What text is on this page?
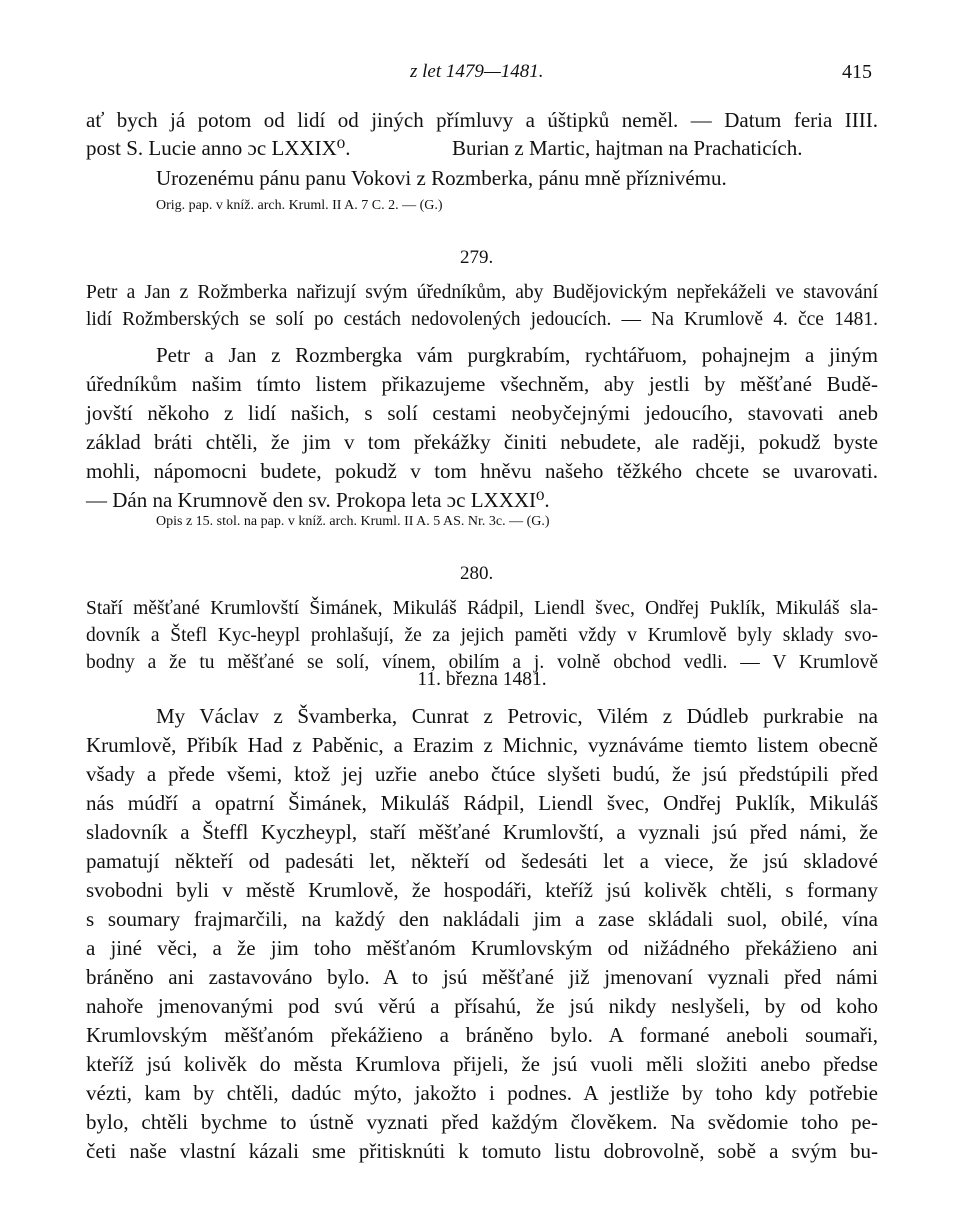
z let 1479—1481.	415
ať bych já potom od lidí od jiných přímluvy a úštipků neměl. — Datum feria IIII.
post S. Lucie anno ɔc LXXIX⁰.	Burian z Martic, hajtman na Prachaticích.
Urozenému pánu panu Vokovi z Rozmberka, pánu mně příznivému.
Orig. pap. v kníž. arch. Kruml. II A. 7 C. 2. — (G.)
279.
Petr a Jan z Rožmberka nařizují svým úředníkům, aby Budějovickým nepřekáželi ve stavování
lidí Rožmberských se solí po cestách nedovolených jedoucích. — Na Krumlově 4. čce 1481.
Petr a Jan z Rozmbergka vám purgkrabím, rychtářuom, pohajnejm a jiným
úředníkům našim tímto listem přikazujeme všechněm, aby jestli by měšťané Budě-
jovští někoho z lidí našich, s solí cestami neobyčejnými jedoucího, stavovati aneb
základ bráti chtěli, že jim v tom překážky činiti nebudete, ale raději, pokudž byste
mohli, nápomocni budete, pokudž v tom hněvu našeho těžkého chcete se uvarovati.
— Dán na Krumnově den sv. Prokopa leta ɔc LXXXI⁰.
Opis z 15. stol. na pap. v kníž. arch. Kruml. II A. 5 AS. Nr. 3c. — (G.)
280.
Staří měšťané Krumlovští Šimánek, Mikuláš Rádpil, Liendl švec, Ondřej Puklík, Mikuláš sla-
dovník a Štefl Kyc-heypl prohlašují, že za jejich paměti vždy v Krumlově byly sklady svo-
bodny a že tu měšťané se solí, vínem, obilím a j. volně obchod vedli. — V Krumlově
11. března 1481.
My Václav z Švamberka, Cunrat z Petrovic, Vilém z Dúdleb purkrabie na
Krumlově, Přibík Had z Paběnic, a Erazim z Michnic, vyznáváme tiemto listem obecně
všady a přede všemi, ktož jej uzřie anebo čtúce slyšeti budú, že jsú předstúpili před
nás múdří a opatrní Šimánek, Mikuláš Rádpil, Liendl švec, Ondřej Puklík, Mikuláš
sladovník a Šteffl Kyczheypl, staří měšťané Krumlovští, a vyznali jsú před námi, že
pamatují někteří od padesáti let, někteří od šedesáti let a viece, že jsú skladové
svobodni byli v městě Krumlově, že hospodáři, kteříž jsú kolivěk chtěli, s formany
s soumary frajmarčili, na každý den nakládali jim a zase skládali suol, obilé, vína
a jiné věci, a že jim toho měšťanóm Krumlovským od nižádného překážieno ani
bráněno ani zastavováno bylo. A to jsú měšťané již jmenovaní vyznali před námi
nahoře jmenovanými pod svú věrú a přísahú, že jsú nikdy neslyšeli, by od koho
Krumlovským měšťanóm překážieno a bráněno bylo. A formané aneboli soumaři,
kteříž jsú kolivěk do města Krumlova přijeli, že jsú vuoli měli složiti anebo předse
vézti, kam by chtěli, dadúc mýto, jakožto i podnes. A jestliže by toho kdy potřebie
bylo, chtěli bychme to ústně vyznati před každým člověkem. Na svědomie toho pe-
četi naše vlastní kázali sme přitisknúti k tomuto listu dobrovolně, sobě a svým bu-
